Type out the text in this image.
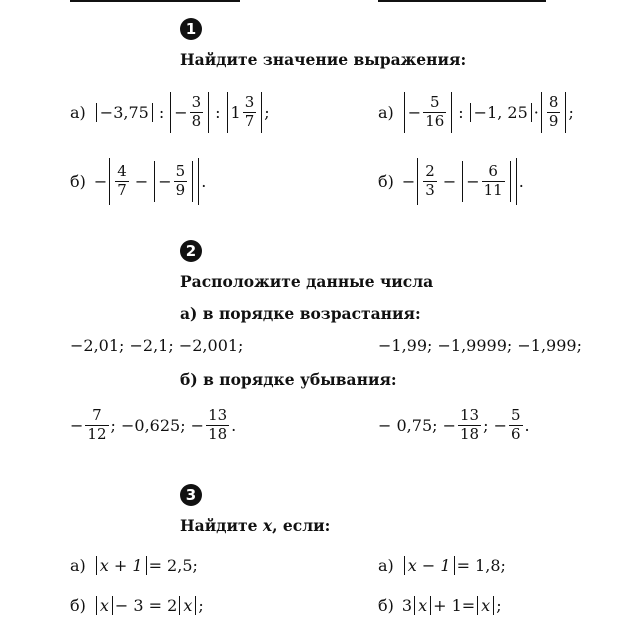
1
Найдите значение выражения:
а) −3,75 : − $\frac{3}{8}$ : $1 \frac{3}{7}$ ;	$а) - \frac{5}{16}$ : −1, $25 \cdot \frac{8}{9}$ ;
$б) - \frac{4}{7}$ − − $\frac{5}{9}$ .	$б) - \frac{2}{3}$ − − $\frac{6}{11}$ .
2
Расположите данные числа
а) в порядке возрастания:
−2,01; −2,1; −2,001;	−1,99; −1,9999; −1,999;
б) в порядке убывания:
− $\frac{7}{12}$ ; −0,625; − $\frac{13}{18}$ .	− 0,75; − $\frac{13}{18}$ ; − $\frac{5}{6}$ .
3
Найдите x, если:
а) x + 1 = 2,5;	а) x − 1 = 1,8;
б) x − 3 = 2 x ;	б) 3 x + 1= x ;
